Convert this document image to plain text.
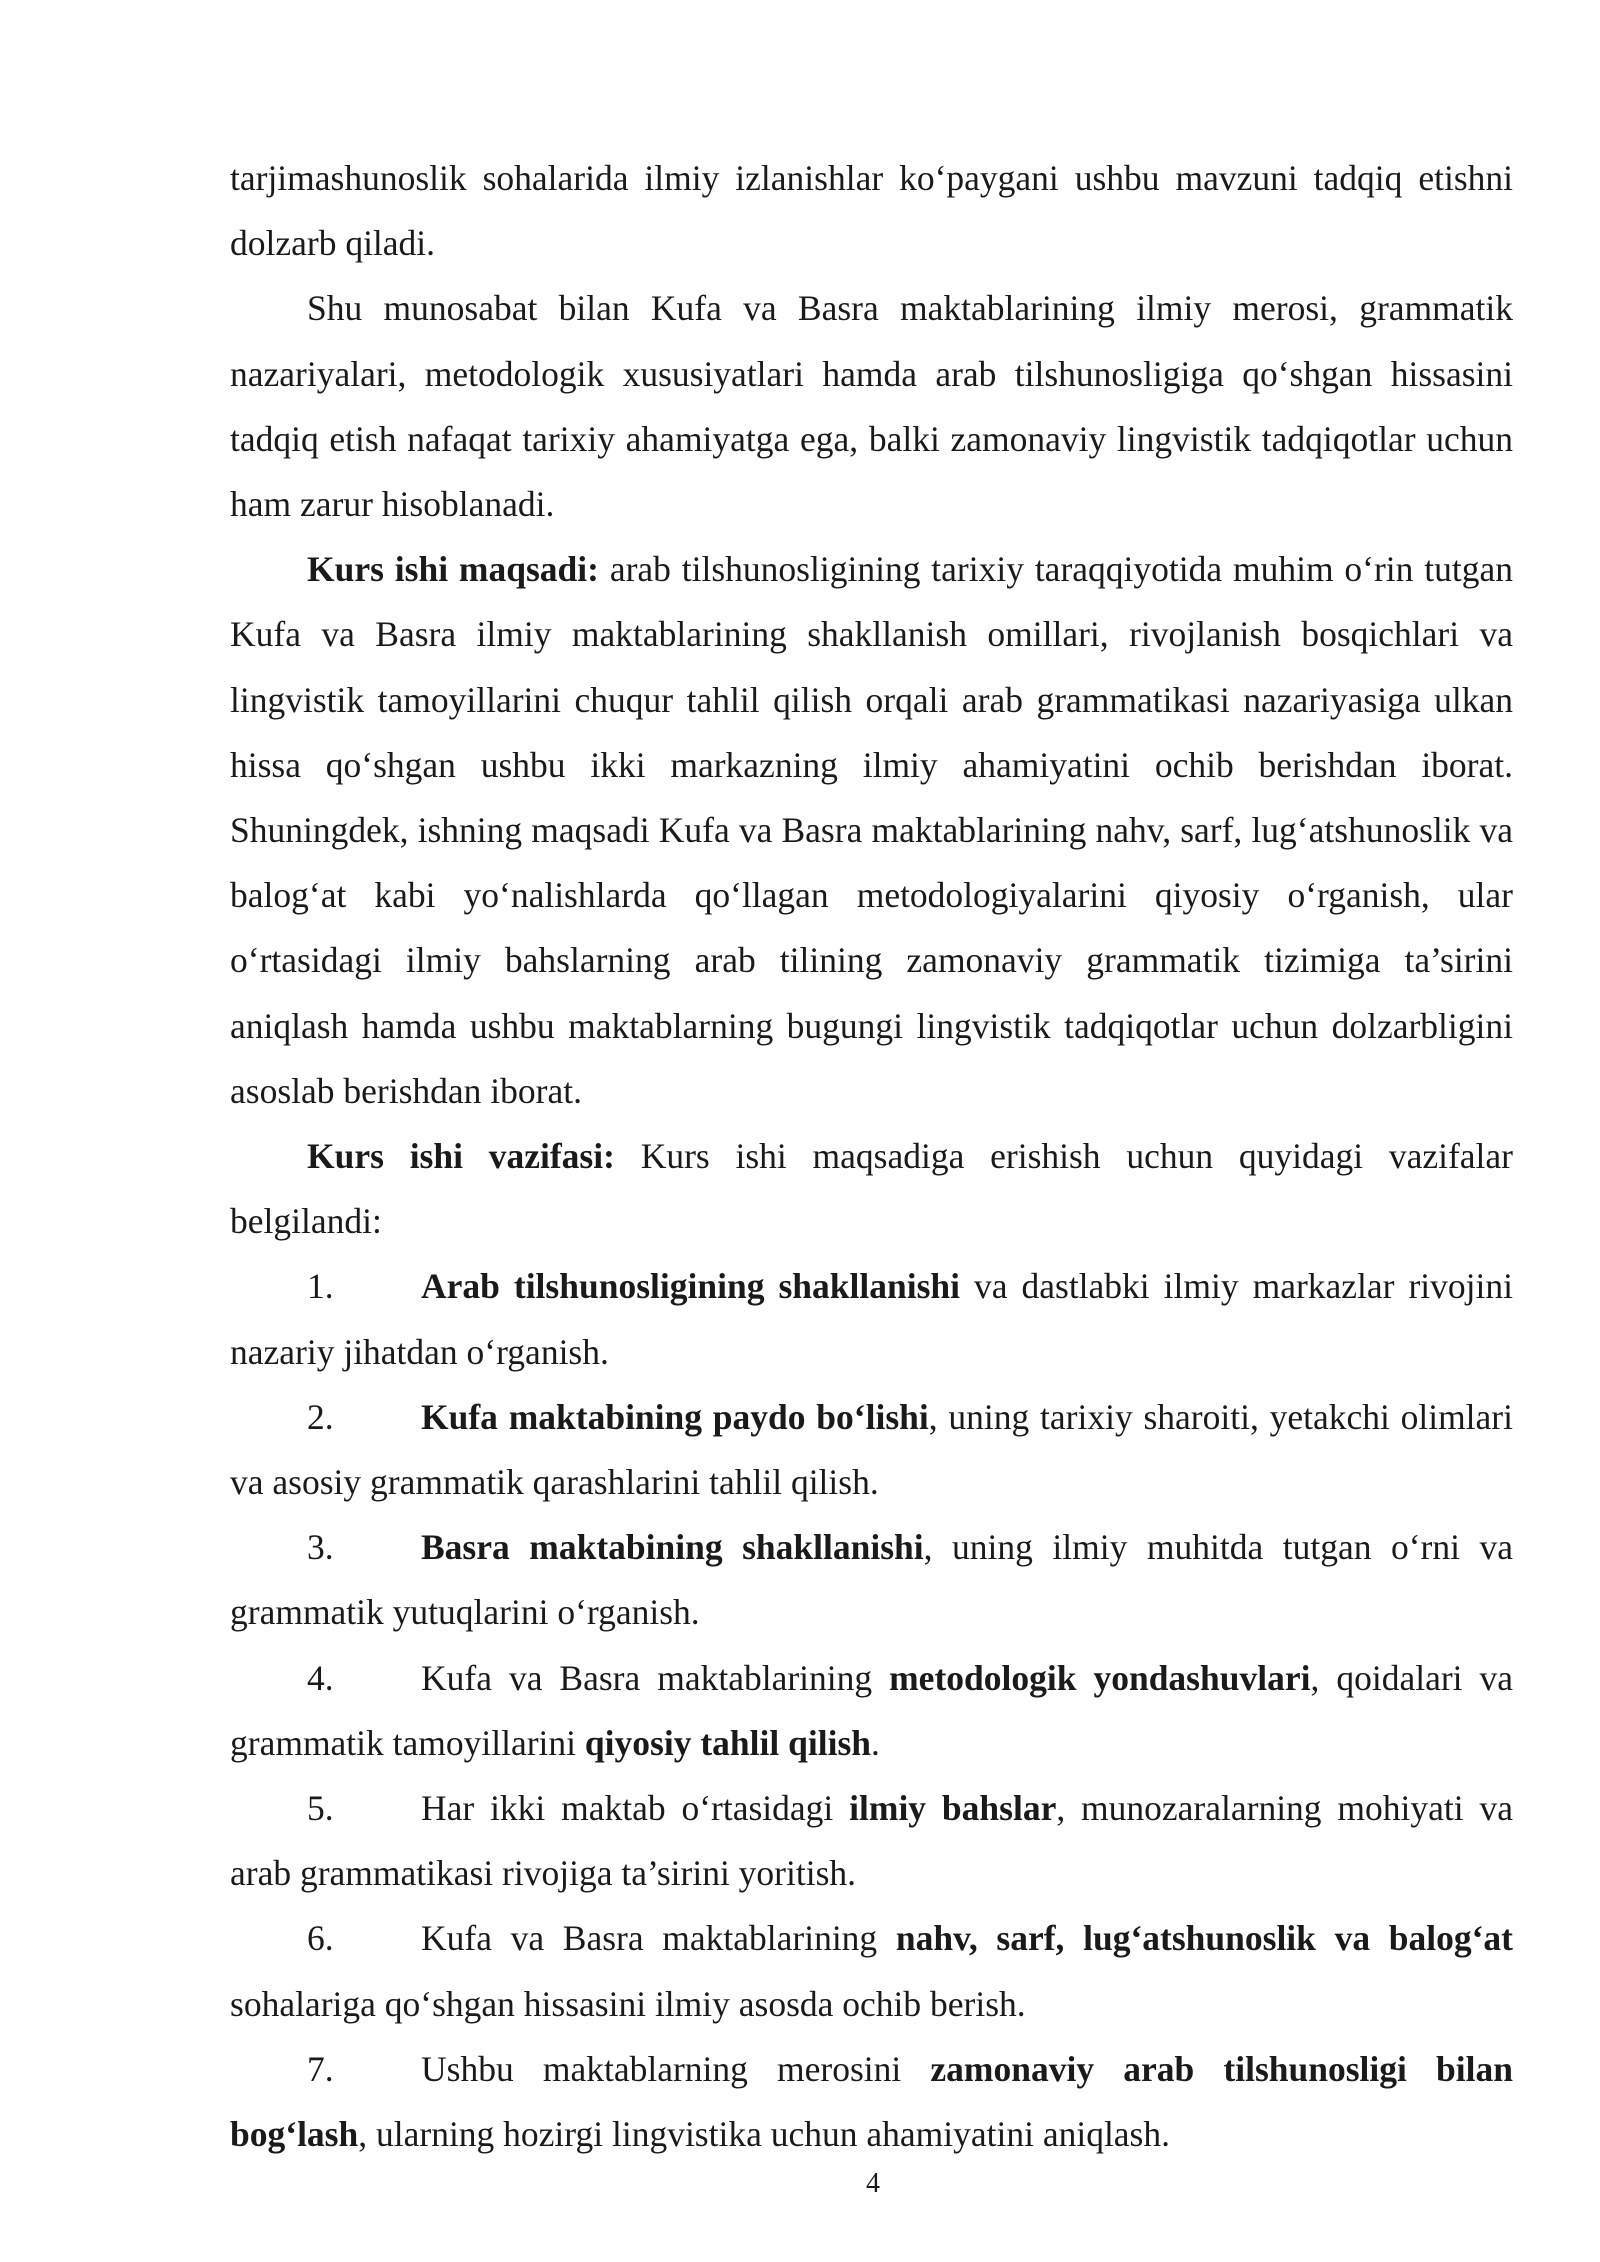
tarjimashunoslik sohalarida ilmiy izlanishlar ko‘paygani ushbu mavzuni tadqiq etishni dolzarb qiladi.

Shu munosabat bilan Kufa va Basra maktablarining ilmiy merosi, grammatik nazariyalari, metodologik xususiyatlari hamda arab tilshunosligiga qo‘shgan hissasini tadqiq etish nafaqat tarixiy ahamiyatga ega, balki zamonaviy lingvistik tadqiqotlar uchun ham zarur hisoblanadi.

Kurs ishi maqsadi: arab tilshunosligining tarixiy taraqqiyotida muhim o‘rin tutgan Kufa va Basra ilmiy maktablarining shakllanish omillari, rivojlanish bosqichlari va lingvistik tamoyillarini chuqur tahlil qilish orqali arab grammatikasi nazariyasiga ulkan hissa qo‘shgan ushbu ikki markazning ilmiy ahamiyatini ochib berishdan iborat. Shuningdek, ishning maqsadi Kufa va Basra maktablarining nahv, sarf, lug‘atshunoslik va balog‘at kabi yo‘nalishlarda qo‘llagan metodologiyalarini qiyosiy o‘rganish, ular o‘rtasidagi ilmiy bahslarning arab tilining zamonaviy grammatik tizimiga ta’sirini aniqlash hamda ushbu maktablarning bugungi lingvistik tadqiqotlar uchun dolzarbligini asoslab berishdan iborat.

Kurs ishi vazifasi: Kurs ishi maqsadiga erishish uchun quyidagi vazifalar belgilandi:

1. Arab tilshunosligining shakllanishi va dastlabki ilmiy markazlar rivojini nazariy jihatdan o‘rganish.

2. Kufa maktabining paydo bo‘lishi, uning tarixiy sharoiti, yetakchi olimlari va asosiy grammatik qarashlarini tahlil qilish.

3. Basra maktabining shakllanishi, uning ilmiy muhitda tutgan o‘rni va grammatik yutuqlarini o‘rganish.

4. Kufa va Basra maktablarining metodologik yondashuvlari, qoidalari va grammatik tamoyillarini qiyosiy tahlil qilish.

5. Har ikki maktab o‘rtasidagi ilmiy bahslar, munozaralarning mohiyati va arab grammatikasi rivojiga ta’sirini yoritish.

6. Kufa va Basra maktablarining nahv, sarf, lug‘atshunoslik va balog‘at sohalariga qo‘shgan hissasini ilmiy asosda ochib berish.

7. Ushbu maktablarning merosini zamonaviy arab tilshunosligi bilan bog‘lash, ularning hozirgi lingvistika uchun ahamiyatini aniqlash.

4
